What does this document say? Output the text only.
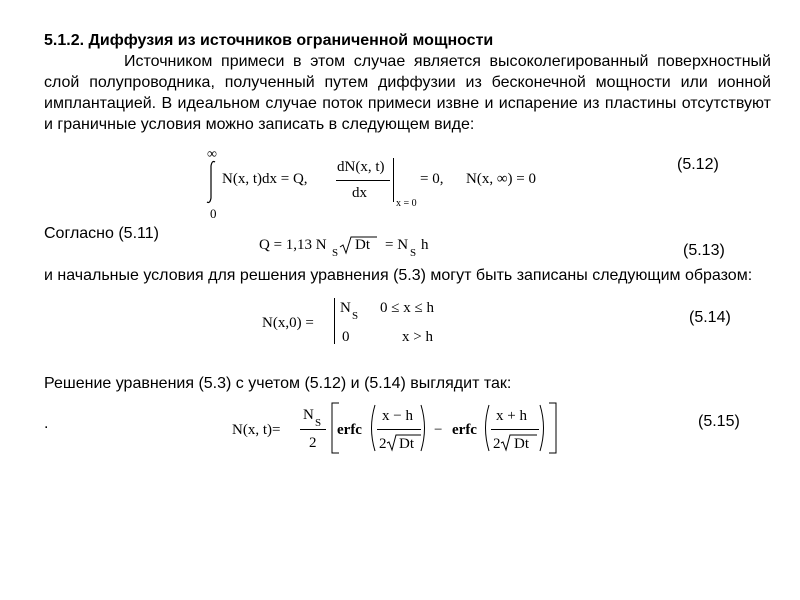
5.1.2. Диффузия из источников ограниченной мощности
Источником примеси в этом случае является высоколегированный поверхностный слой полупроводника, полученный путем диффузии из бесконечной мощности или ионной имплантацией. В идеальном случае поток примеси извне и испарение из пластины отсутствуют и граничные условия можно записать в следующем виде:
∞
0
N(x, t)dx = Q,
dN(x, t)
dx
x = 0
= 0, N(x, ∞) = 0
(5.12)
Согласно (5.11)
Q = 1,13 N S Dt = N S h	(5.13)
и начальные условия для решения уравнения (5.3) могут быть записаны следующим образом:
N(x,0) =
N S 0 ≤ x ≤ h
0	x > h
(5.14)
Решение уравнения (5.3) с учетом (5.12) и (5.14) выглядит так:
.	N(x, t)=
N S
2
erfc
x − h
2 Dt
− erfc
x + h
2 Dt
(5.15)
